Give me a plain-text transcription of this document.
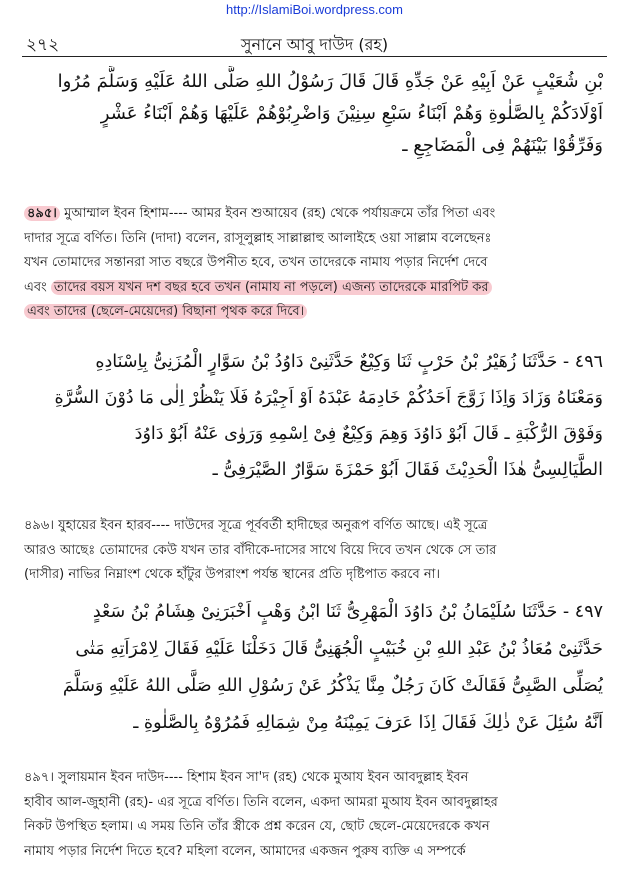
http://IslamiBoi.wordpress.com
২৭২	সুনানে আবু দাউদ (রহ)
بْنِ شُعَيْبٍ عَنْ اَبِيْهِ عَنْ جَدِّهِ قَالَ قَالَ رَسُوْلُ اللهِ صَلَّى اللهُ عَلَيْهِ وَسَلَّمَ مُرُوا
اَوْلَادَكُمْ بِالصَّلٰوةِ وَهُمْ اَبْنَاءُ سَبْعِ سِنِيْنَ وَاضْرِبُوْهُمْ عَلَيْهَا وَهُمْ اَبْنَاءُ عَشْرٍ
وَفَرِّقُوْا بَيْنَهُمْ فِى الْمَضَاجِعِ ـ
৪৯৫। মুআম্মাল ইবন হিশাম---- আমর ইবন শুআয়েব (রহ) থেকে পর্যায়ক্রমে তাঁর পিতা এবং
দাদার সূত্রে বর্ণিত। তিনি (দাদা) বলেন, রাসূলুল্লাহ সাল্লাল্লাহু আলাইহে ওয়া সাল্লাম বলেছেনঃ
যখন তোমাদের সন্তানরা সাত বছরে উপনীত হবে, তখন তাদেরকে নামায পড়ার নির্দেশ দেবে
এবং তাদের বয়স যখন দশ বছর হবে তখন (নামায না পড়লে) এজন্য তাদেরকে মারপিট কর
এবং তাদের (ছেলে-মেয়েদের) বিছানা পৃথক করে দিবে।
٤٩٦ - حَدَّثَنَا زُهَيْرُ بْنُ حَرْبٍ ثَنَا وَكِيْعٌ حَدَّثَنِىْ دَاوُدُ بْنُ سَوَّارٍ الْمُزَنِىُّ بِاِسْنَادِهِ
وَمَعْنَاهُ وَزَادَ وَاِذَا زَوَّجَ اَحَدُكُمْ خَادِمَهُ عَبْدَهُ اَوْ اَجِيْرَهُ فَلَا يَنْظُرْ اِلٰى مَا دُوْنَ السُّرَّةِ
وَفَوْقَ الرُّكْبَةِ ـ قَالَ اَبُوْ دَاوُدَ وَهِمَ وَكِيْعٌ فِىْ اِسْمِهِ وَرَوٰى عَنْهُ اَبُوْ دَاوُدَ
الطَّيَالِسِىُّ هٰذَا الْحَدِيْثَ فَقَالَ اَبُوْ حَمْزَةَ سَوَّارٌ الصَّيْرَفِىُّ ـ
৪৯৬। যুহায়ের ইবন হারব---- দাউদের সূত্রে পূর্ববর্তী হাদীছের অনুরূপ বর্ণিত আছে। এই সূত্রে
আরও আছেঃ তোমাদের কেউ যখন তার বাঁদীকে-দাসের সাথে বিয়ে দিবে তখন থেকে সে তার
(দাসীর) নাভির নিম্নাংশ থেকে হাঁটুর উপরাংশ পর্যন্ত স্থানের প্রতি দৃষ্টিপাত করবে না।
٤٩٧ - حَدَّثَنَا سُلَيْمَانُ بْنُ دَاوُدَ الْمَهْرِىُّ ثَنَا ابْنُ وَهْبٍ اَخْبَرَنِىْ هِشَامُ بْنُ سَعْدٍ
حَدَّثَنِىْ مُعَاذُ بْنُ عَبْدِ اللهِ بْنِ خُبَيْبٍ الْجُهَنِىُّ قَالَ دَخَلْنَا عَلَيْهِ فَقَالَ لِامْرَاَتِهِ مَتٰى
يُصَلِّى الصَّبِىُّ فَقَالَتْ كَانَ رَجُلٌ مِنَّا يَذْكُرُ عَنْ رَسُوْلِ اللهِ صَلَّى اللهُ عَلَيْهِ وَسَلَّمَ
اَنَّهُ سُئِلَ عَنْ ذٰلِكَ فَقَالَ اِذَا عَرَفَ يَمِيْنَهُ مِنْ شِمَالِهِ فَمُرُوْهُ بِالصَّلٰوةِ ـ
৪৯৭। সুলায়মান ইবন দাউদ---- হিশাম ইবন সা'দ (রহ) থেকে মুআয ইবন আবদুল্লাহ ইবন
হাবীব আল-জুহানী (রহ)- এর সূত্রে বর্ণিত। তিনি বলেন, একদা আমরা মুআয ইবন আবদুল্লাহর
নিকট উপস্থিত হলাম। এ সময় তিনি তাঁর স্ত্রীকে প্রশ্ন করেন যে, ছোট ছেলে-মেয়েদেরকে কখন
নামায পড়ার নির্দেশ দিতে হবে? মহিলা বলেন, আমাদের একজন পুরুষ ব্যক্তি এ সম্পর্কে
